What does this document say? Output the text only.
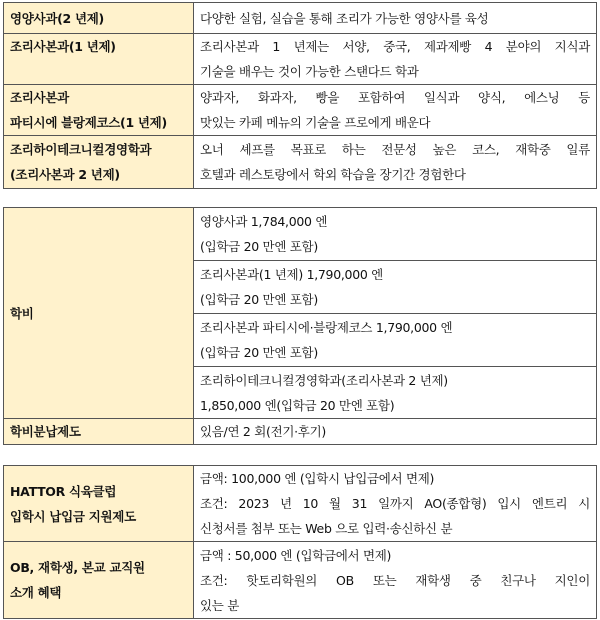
영양사과(2 년제)	다양한 실험, 실습을 통해 조리가 가능한 영양사를 육성

조리사본과(1 년제)	조리사본과 1 년제는 서양, 중국, 제과제빵 4 분야의 지식과
기술을 배우는 것이 가능한 스탠다드 학과

조리사본과
파티시에 블랑제코스(1 년제)	양과자, 화과자, 빵을 포함하여 일식과 양식, 에스닝 등
맛있는 카페 메뉴의 기술을 프로에게 배운다

조리하이테크니컬경영학과
(조리사본과 2 년제)	오너 셰프를 목표로 하는 전문성 높은 코스, 재학중 일류
호텔과 레스토랑에서 학외 학습을 장기간 경험한다
학비	영양사과 1,784,000 엔
(입학금 20 만엔 포함)

	조리사본과(1 년제) 1,790,000 엔
(입학금 20 만엔 포함)

	조리사본과 파티시에·블랑제코스 1,790,000 엔
(입학금 20 만엔 포함)

	조리하이테크니컬경영학과(조리사본과 2 년제)
1,850,000 엔(입학금 20 만엔 포함)

학비분납제도	있음/연 2 회(전기·후기)
HATTOR 식육클럽
입학시 납입금 지원제도	금액: 100,000 엔 (입학시 납입금에서 면제)
조건: 2023 년 10 월 31 일까지 AO(종합형) 입시 엔트리 시
신청서를 첨부 또는 Web 으로 입력·송신하신 분

OB, 재학생, 본교 교직원
소개 혜택	금액 : 50,000 엔 (입학금에서 면제)
조건: 핫토리학원의 OB 또는 재학생 중 친구나 지인이
있는 분
